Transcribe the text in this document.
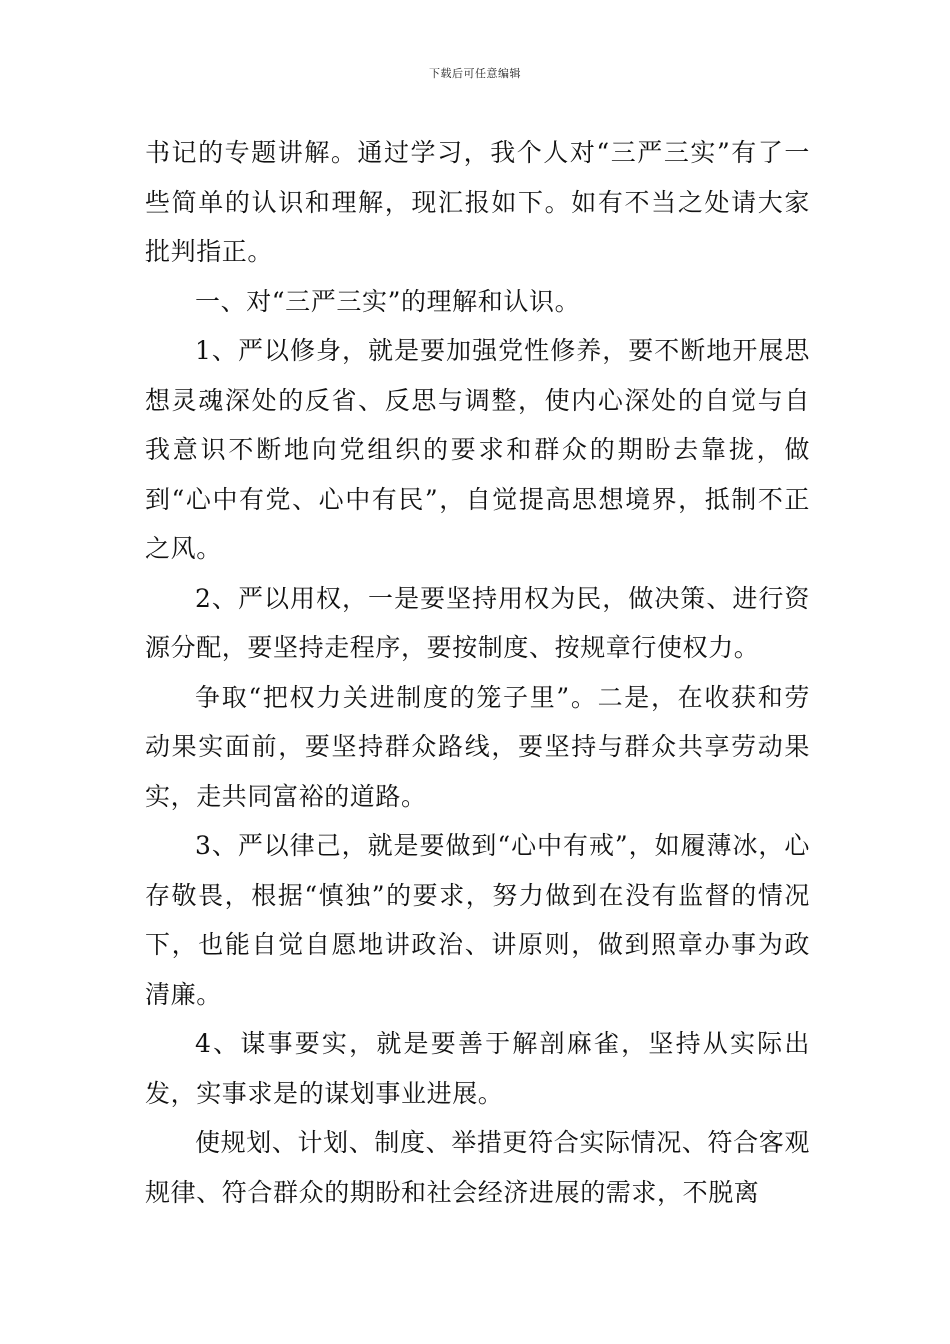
下载后可任意编辑

书记的专题讲解。通过学习，我个人对“三严三实”有了一些简单的认识和理解，现汇报如下。如有不当之处请大家批判指正。

一、对“三严三实”的理解和认识。

1、严以修身，就是要加强党性修养，要不断地开展思想灵魂深处的反省、反思与调整，使内心深处的自觉与自我意识不断地向党组织的要求和群众的期盼去靠拢，做到“心中有党、心中有民”，自觉提高思想境界，抵制不正之风。

2、严以用权，一是要坚持用权为民，做决策、进行资源分配，要坚持走程序，要按制度、按规章行使权力。

争取“把权力关进制度的笼子里”。二是，在收获和劳动果实面前，要坚持群众路线，要坚持与群众共享劳动果实，走共同富裕的道路。

3、严以律己，就是要做到“心中有戒”，如履薄冰，心存敬畏，根据“慎独”的要求，努力做到在没有监督的情况下，也能自觉自愿地讲政治、讲原则，做到照章办事为政清廉。

4、谋事要实，就是要善于解剖麻雀，坚持从实际出发，实事求是的谋划事业进展。

使规划、计划、制度、举措更符合实际情况、符合客观规律、符合群众的期盼和社会经济进展的需求，不脱离
